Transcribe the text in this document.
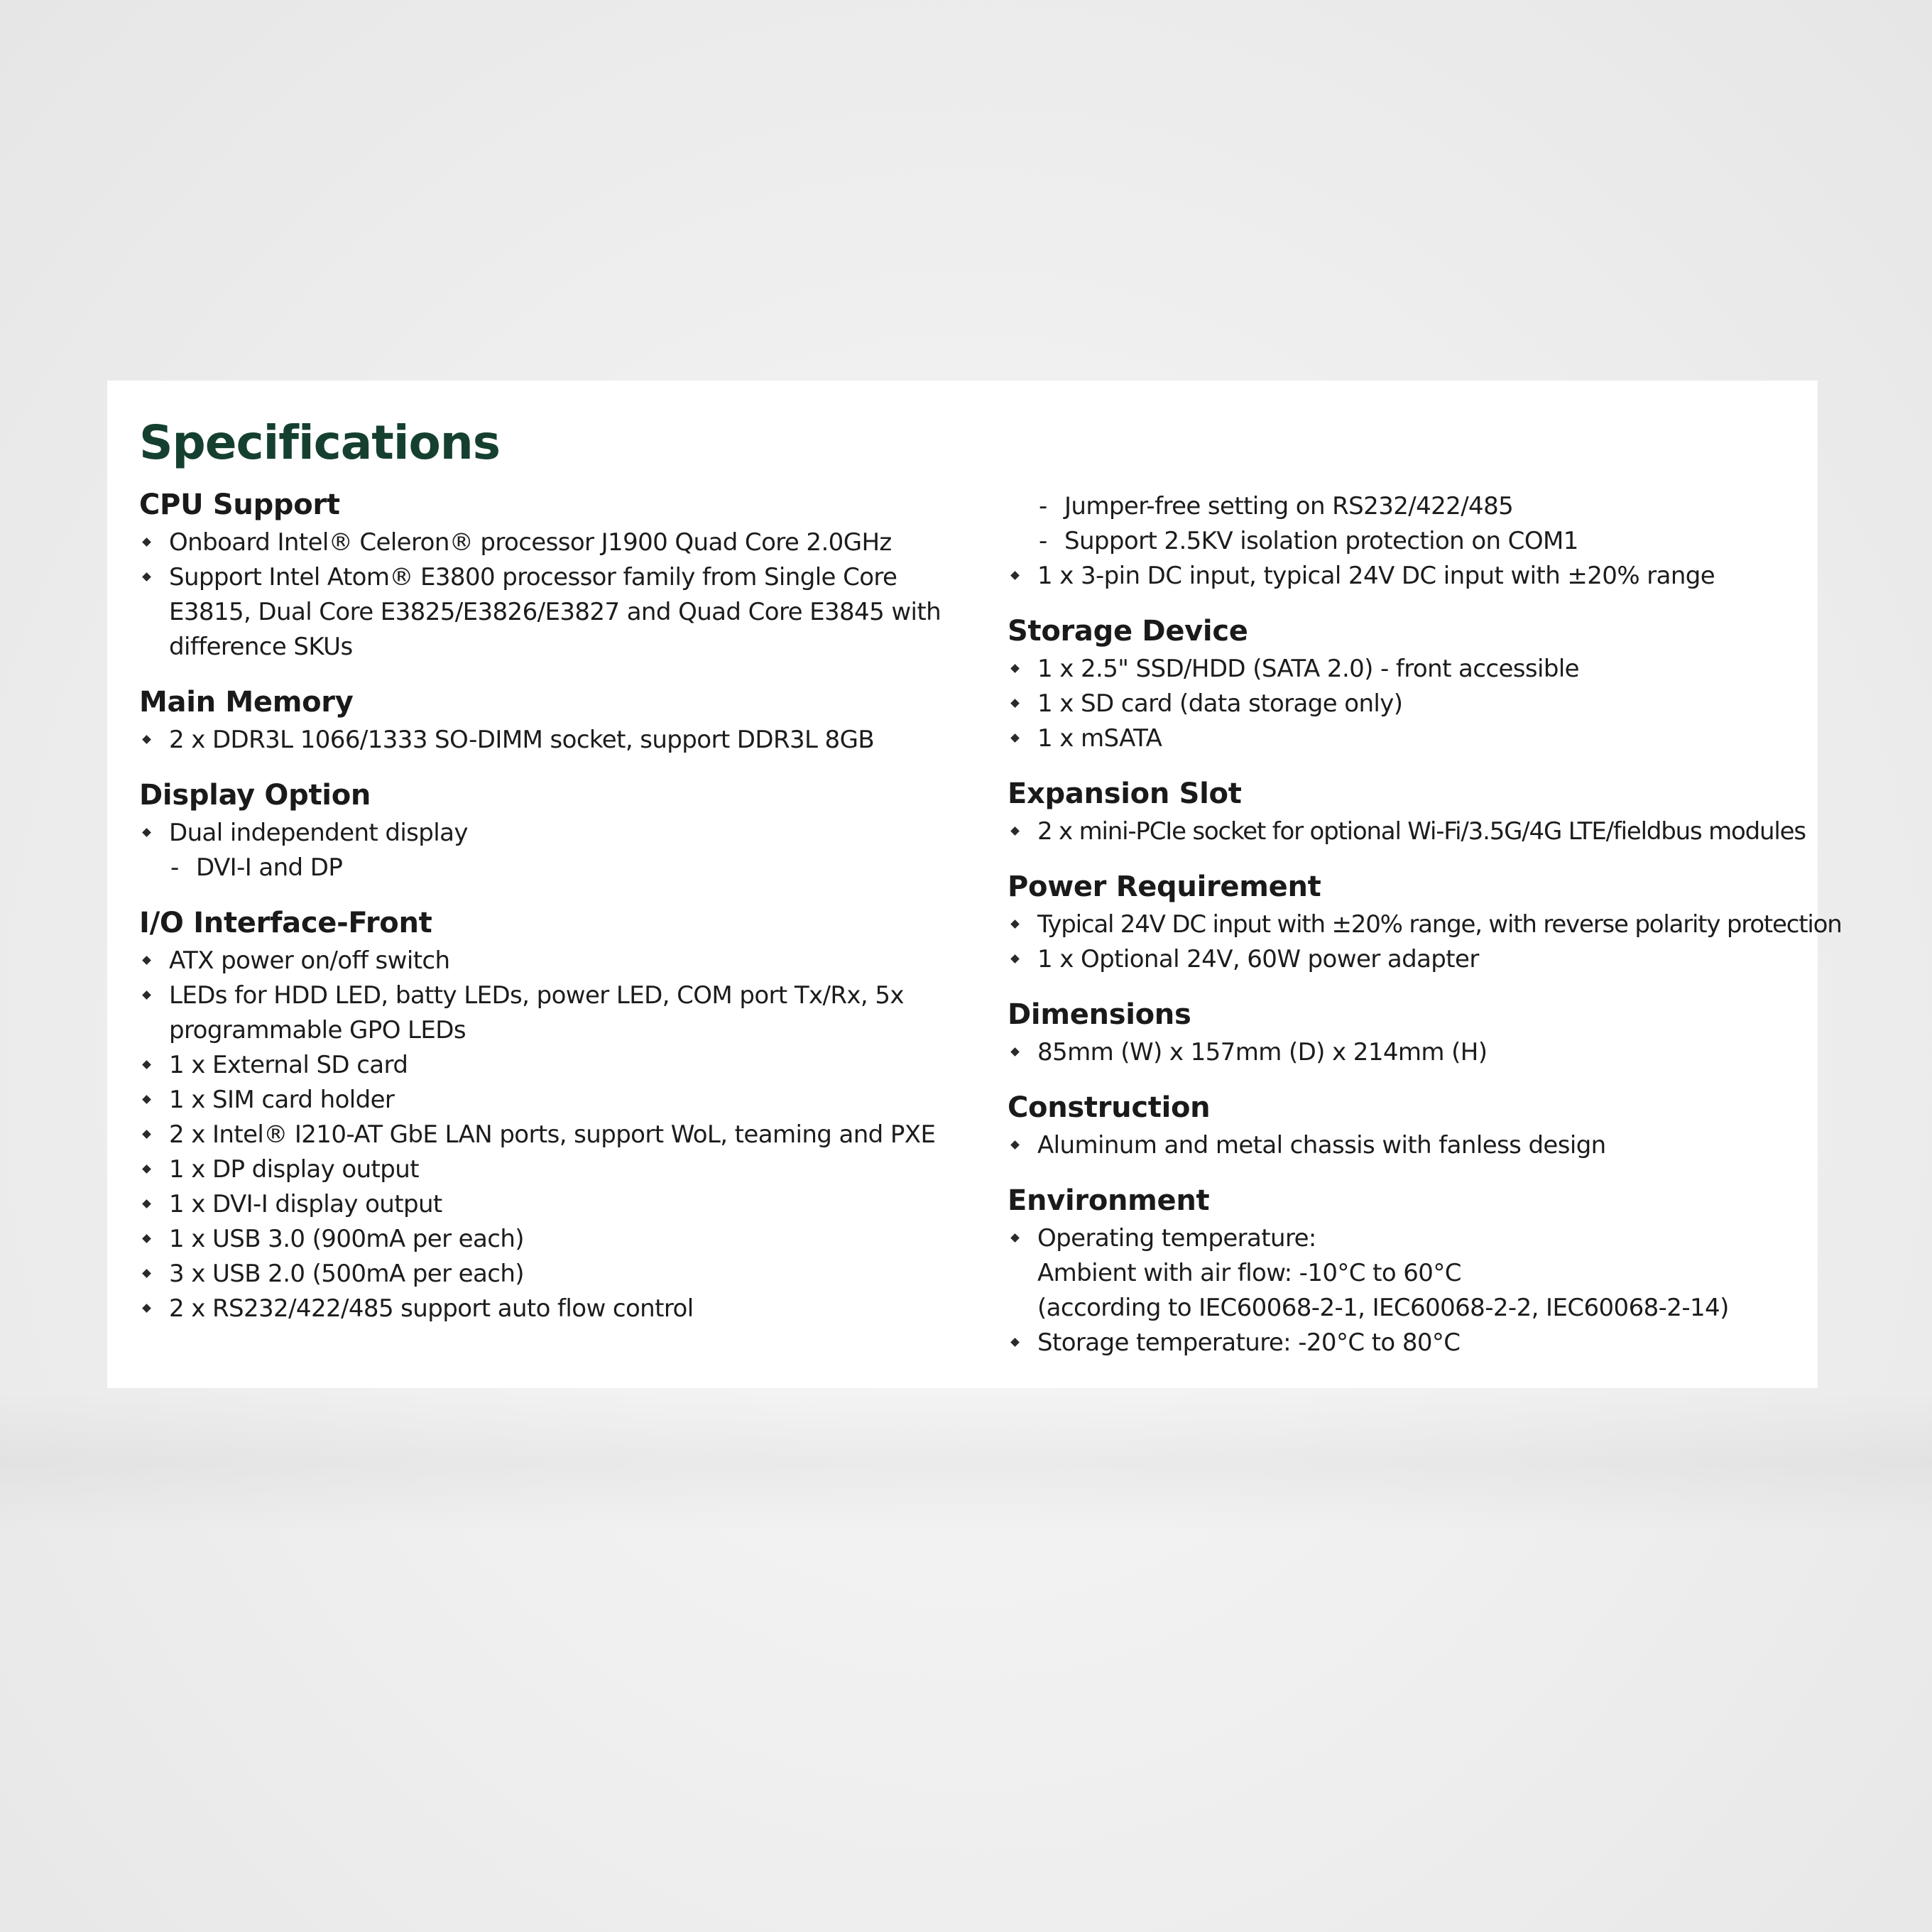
Specifications
CPU Support
Onboard Intel® Celeron® processor J1900 Quad Core 2.0GHz
Support Intel Atom® E3800 processor family from Single Core E3815, Dual Core E3825/E3826/E3827 and Quad Core E3845 with difference SKUs
Main Memory
2 x DDR3L 1066/1333 SO-DIMM socket, support DDR3L 8GB
Display Option
Dual independent display
- DVI-I and DP
I/O Interface-Front
ATX power on/off switch
LEDs for HDD LED, batty LEDs, power LED, COM port Tx/Rx, 5x programmable GPO LEDs
1 x External SD card
1 x SIM card holder
2 x Intel® I210-AT GbE LAN ports, support WoL, teaming and PXE
1 x DP display output
1 x DVI-I display output
1 x USB 3.0 (900mA per each)
3 x USB 2.0 (500mA per each)
2 x RS232/422/485 support auto flow control
- Jumper-free setting on RS232/422/485
- Support 2.5KV isolation protection on COM1
1 x 3-pin DC input, typical 24V DC input with ±20% range
Storage Device
1 x 2.5" SSD/HDD (SATA 2.0) - front accessible
1 x SD card (data storage only)
1 x mSATA
Expansion Slot
2 x mini-PCIe socket for optional Wi-Fi/3.5G/4G LTE/fieldbus modules
Power Requirement
Typical 24V DC input with ±20% range, with reverse polarity protection
1 x Optional 24V, 60W power adapter
Dimensions
85mm (W) x 157mm (D) x 214mm (H)
Construction
Aluminum and metal chassis with fanless design
Environment
Operating temperature:
Ambient with air flow: -10°C to 60°C
(according to IEC60068-2-1, IEC60068-2-2, IEC60068-2-14)
Storage temperature: -20°C to 80°C
